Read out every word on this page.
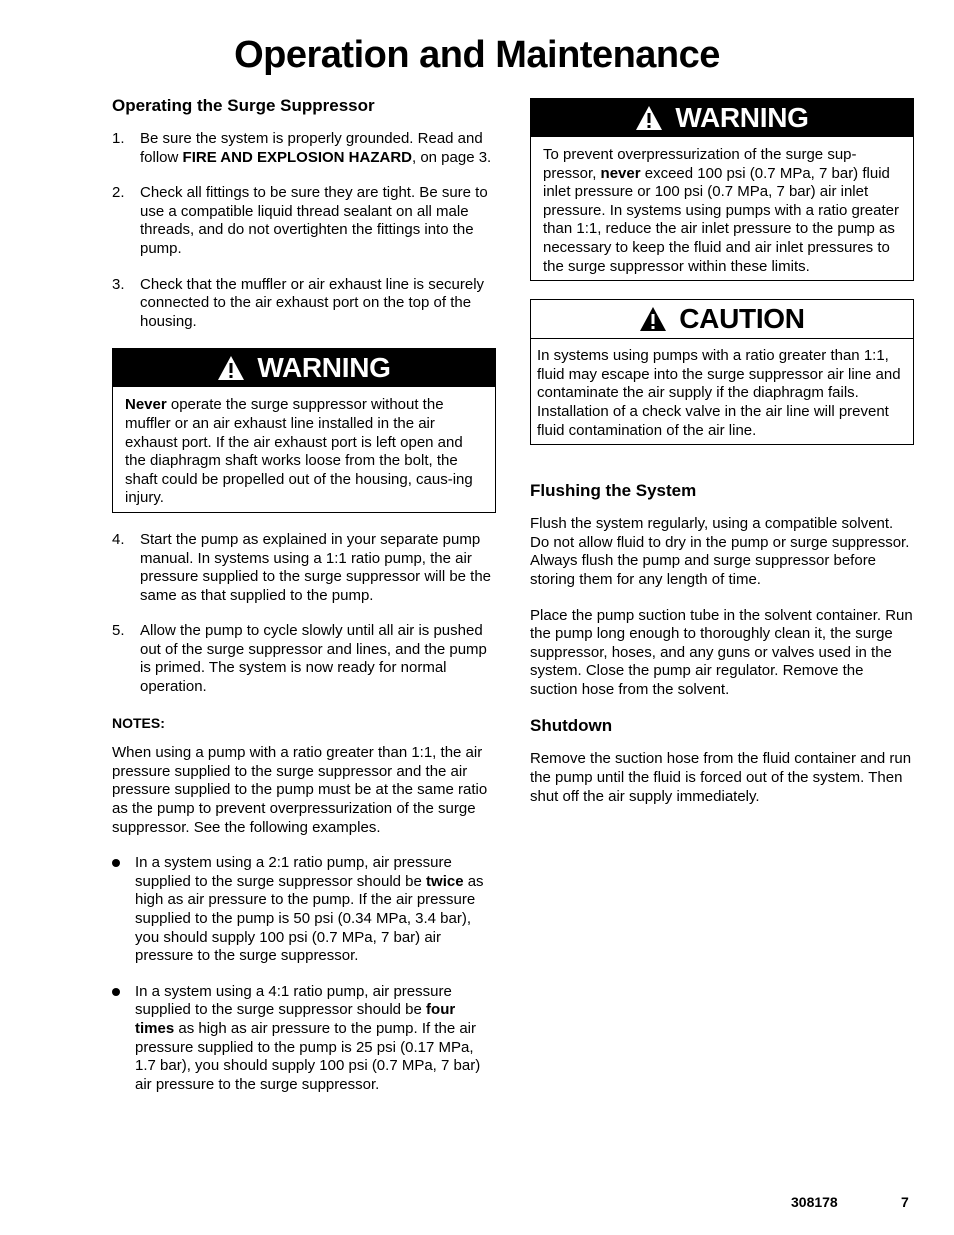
Operation and Maintenance
Operating the Surge Suppressor
1. Be sure the system is properly grounded. Read and follow FIRE AND EXPLOSION HAZARD, on page 3.
2. Check all fittings to be sure they are tight. Be sure to use a compatible liquid thread sealant on all male threads, and do not overtighten the fittings into the pump.
3. Check that the muffler or air exhaust line is securely connected to the air exhaust port on the top of the housing.
WARNING
Never operate the surge suppressor without the muffler or an air exhaust line installed in the air exhaust port. If the air exhaust port is left open and the diaphragm shaft works loose from the bolt, the shaft could be propelled out of the housing, caus-ing injury.
4. Start the pump as explained in your separate pump manual. In systems using a 1:1 ratio pump, the air pressure supplied to the surge suppressor will be the same as that supplied to the pump.
5. Allow the pump to cycle slowly until all air is pushed out of the surge suppressor and lines, and the pump is primed. The system is now ready for normal operation.
NOTES:

When using a pump with a ratio greater than 1:1, the air pressure supplied to the surge suppressor and the air pressure supplied to the pump must be at the same ratio as the pump to prevent overpressurization of the surge suppressor. See the following examples.

In a system using a 2:1 ratio pump, air pressure supplied to the surge suppressor should be twice as high as air pressure to the pump. If the air pressure supplied to the pump is 50 psi (0.34 MPa, 3.4 bar), you should supply 100 psi (0.7 MPa, 7 bar) air pressure to the surge suppressor.
In a system using a 4:1 ratio pump, air pressure supplied to the surge suppressor should be four times as high as air pressure to the pump. If the air pressure supplied to the pump is 25 psi (0.17 MPa, 1.7 bar), you should supply 100 psi (0.7 MPa, 7 bar) air pressure to the surge suppressor.
WARNING
To prevent overpressurization of the surge sup-pressor, never exceed 100 psi (0.7 MPa, 7 bar) fluid inlet pressure or 100 psi (0.7 MPa, 7 bar) air inlet pressure. In systems using pumps with a ratio greater than 1:1, reduce the air inlet pressure to the pump as necessary to keep the fluid and air inlet pressures to the surge suppressor within these limits.
CAUTION
In systems using pumps with a ratio greater than 1:1, fluid may escape into the surge suppressor air line and contaminate the air supply if the diaphragm fails. Installation of a check valve in the air line will prevent fluid contamination of the air line.
Flushing the System

Flush the system regularly, using a compatible solvent. Do not allow fluid to dry in the pump or surge suppressor. Always flush the pump and surge suppressor before storing them for any length of time.

Place the pump suction tube in the solvent container. Run the pump long enough to thoroughly clean it, the surge suppressor, hoses, and any guns or valves used in the system. Close the pump air regulator. Remove the suction hose from the solvent.

Shutdown

Remove the suction hose from the fluid container and run the pump until the fluid is forced out of the system. Then shut off the air supply immediately.

308178	7
